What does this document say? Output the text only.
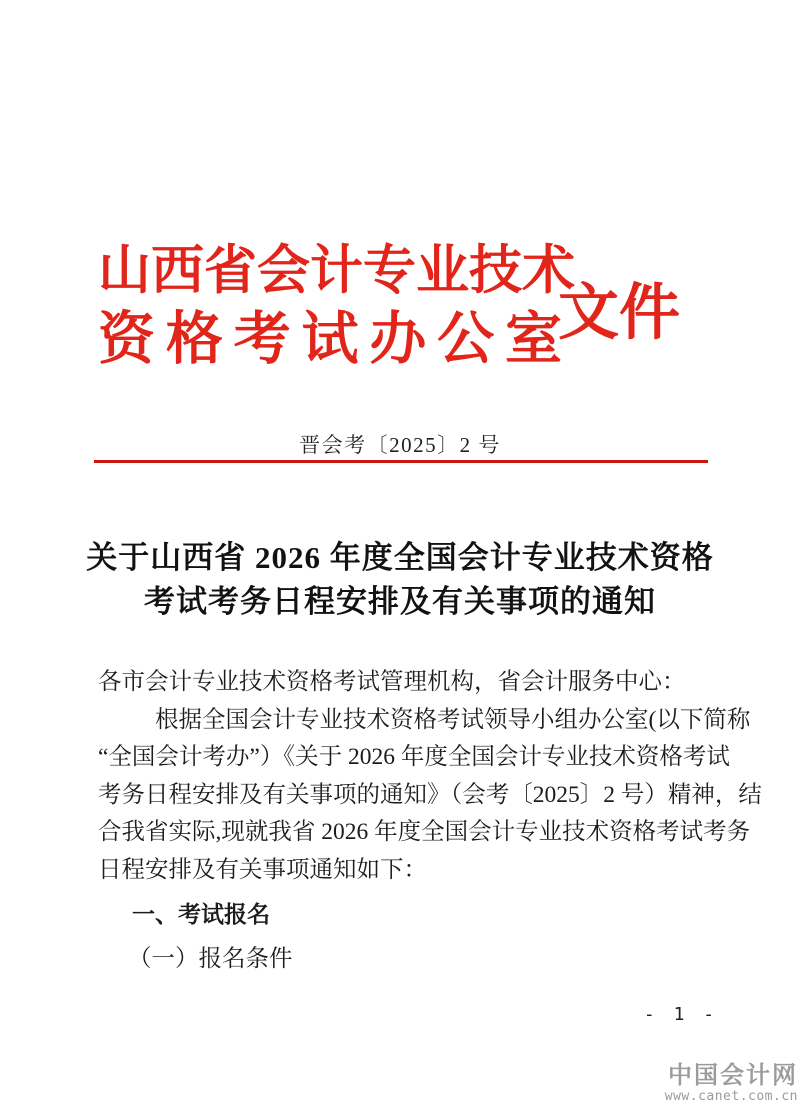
山 西 省 会 计 专 业 技 术
资 格 考 试 办 公 室
文 件
晋会考〔2025〕2 号
关于山西省 2026 年度全国会计专业技术资格
考试考务日程安排及有关事项的通知

各市会计专业技术资格考试管理机构，省会计服务中心：

根据全国会计专业技术资格考试领导小组办公室(以下简称

“全国会计考办”）《关于 2026 年度全国会计专业技术资格考试

考务日程安排及有关事项的通知》（会考〔2025〕2 号）精神，结

合我省实际,现就我省 2026 年度全国会计专业技术资格考试考务

日程安排及有关事项通知如下：

一、考试报名

（一）报名条件

- 1 -
中国会计网
www.canet.com.cn
